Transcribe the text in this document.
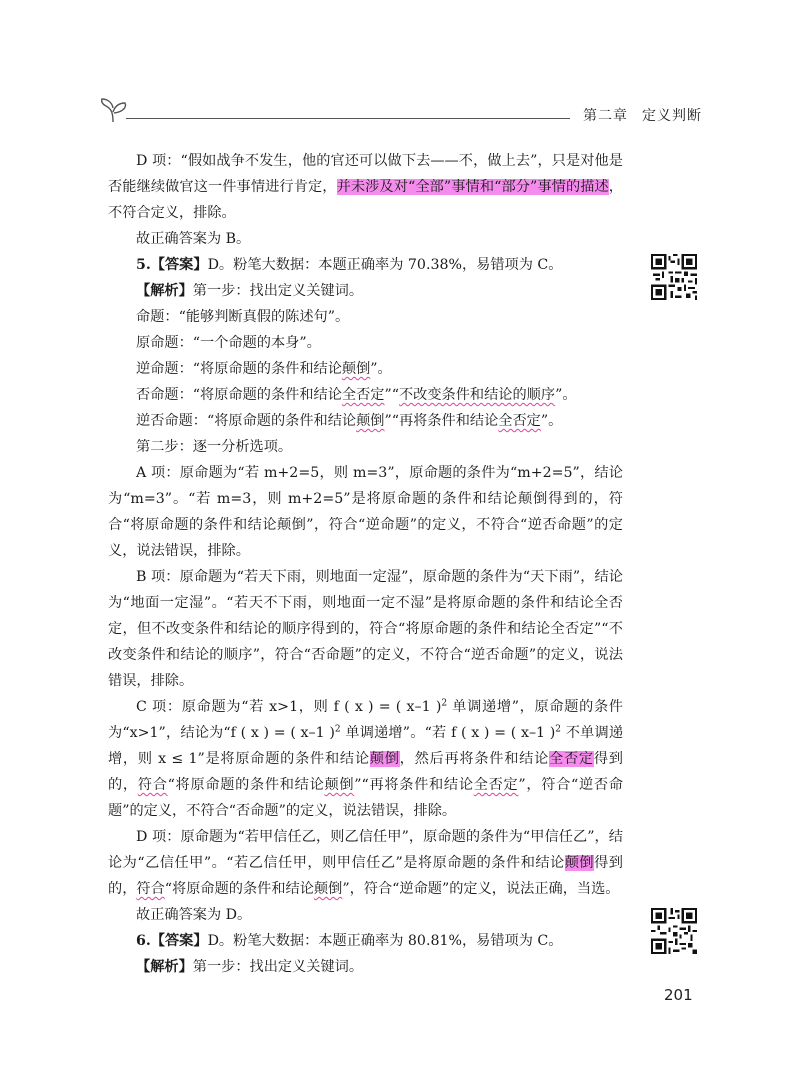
第二章 定义判断

D 项：“假如战争不发生，他的官还可以做下去——不，做上去”，只是对他是否能继续做官这一件事情进行肯定，并未涉及对“全部”事情和“部分”事情的描述，不符合定义，排除。

故正确答案为 B。

5.【答案】D。粉笔大数据：本题正确率为 70.38%，易错项为 C。

【解析】第一步：找出定义关键词。

命题：“能够判断真假的陈述句”。

原命题：“一个命题的本身”。

逆命题：“将原命题的条件和结论颠倒”。

否命题：“将原命题的条件和结论全否定”“不改变条件和结论的顺序”。

逆否命题：“将原命题的条件和结论颠倒”“再将条件和结论全否定”。

第二步：逐一分析选项。

A 项：原命题为“若 m+2=5，则 m=3”，原命题的条件为“m+2=5”，结论为“m=3”。“若 m=3，则 m+2=5”是将原命题的条件和结论颠倒得到的，符合“将原命题的条件和结论颠倒”，符合“逆命题”的定义，不符合“逆否命题”的定义，说法错误，排除。

B 项：原命题为“若天下雨，则地面一定湿”，原命题的条件为“天下雨”，结论为“地面一定湿”。“若天不下雨，则地面一定不湿”是将原命题的条件和结论全否定，但不改变条件和结论的顺序得到的，符合“将原命题的条件和结论全否定”“不改变条件和结论的顺序”，符合“否命题”的定义，不符合“逆否命题”的定义，说法错误，排除。

C 项：原命题为“若 x>1，则 f ( x ) = ( x–1 )$^2$ 单调递增”，原命题的条件为“x>1”，结论为“f ( x ) = ( x–1 )$^2$ 单调递增”。“若 f ( x ) = ( x–1 )$^2$ 不单调递增，则 x ≤ 1”是将原命题的条件和结论颠倒，然后再将条件和结论全否定得到的，符合“将原命题的条件和结论颠倒”“再将条件和结论全否定”，符合“逆否命题”的定义，不符合“否命题”的定义，说法错误，排除。

D 项：原命题为“若甲信任乙，则乙信任甲”，原命题的条件为“甲信任乙”，结论为“乙信任甲”。“若乙信任甲，则甲信任乙”是将原命题的条件和结论颠倒得到的，符合“将原命题的条件和结论颠倒”，符合“逆命题”的定义，说法正确，当选。

故正确答案为 D。

6.【答案】D。粉笔大数据：本题正确率为 80.81%，易错项为 C。

【解析】第一步：找出定义关键词。

201
